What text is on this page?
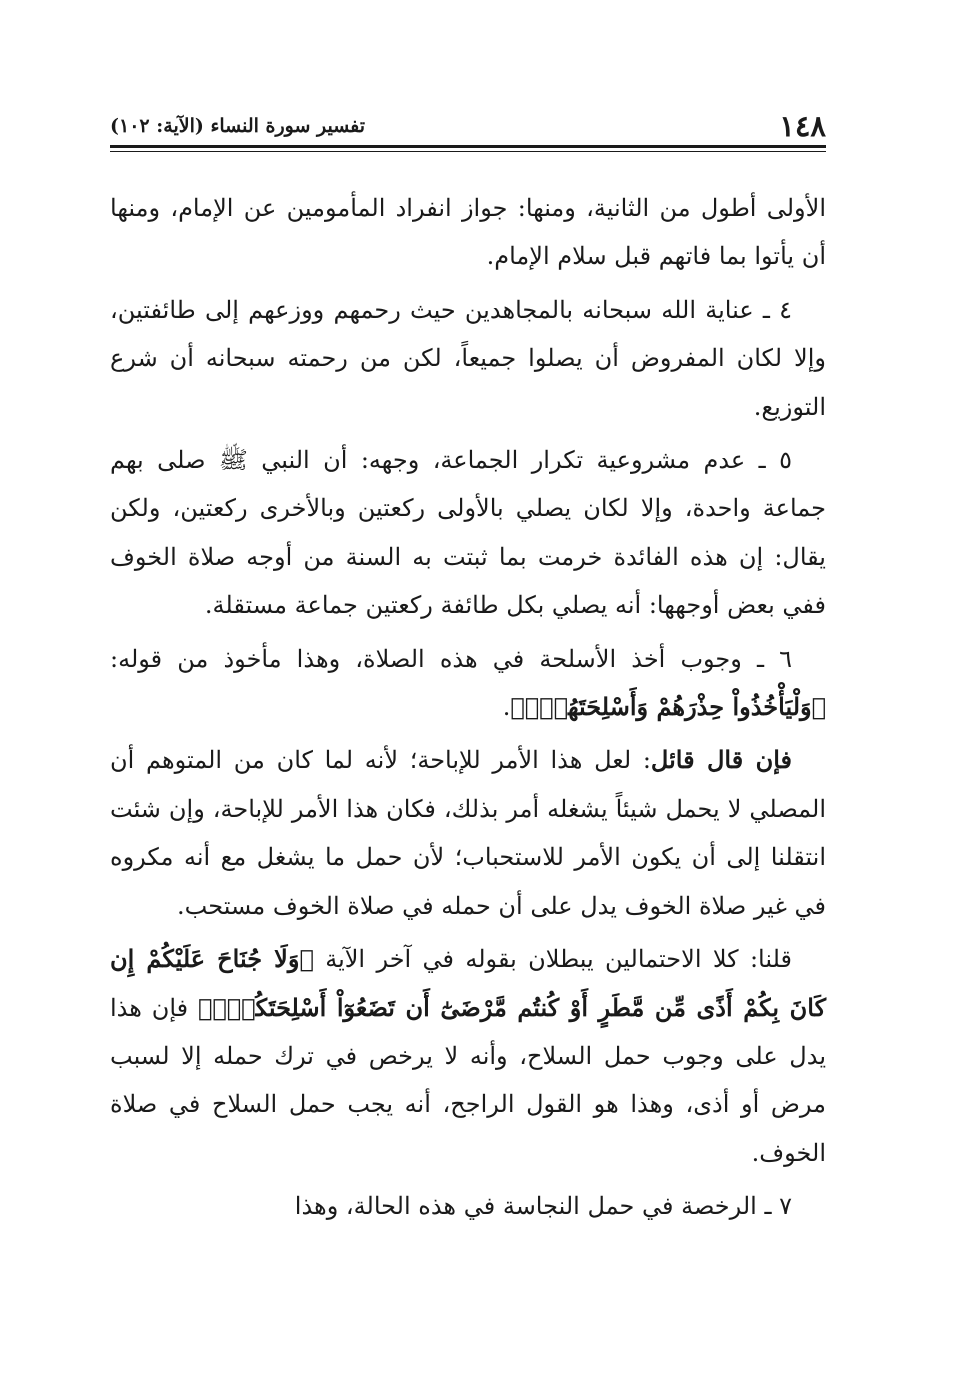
١٤٨
تفسير سورة النساء (الآية: ١٠٢)

الأولى أطول من الثانية، ومنها: جواز انفراد المأمومين عن الإمام، ومنها أن يأتوا بما فاتهم قبل سلام الإمام.

٤ ـ عناية الله سبحانه بالمجاهدين حيث رحمهم ووزعهم إلى طائفتين، وإلا لكان المفروض أن يصلوا جميعاً، لكن من رحمته سبحانه أن شرع التوزيع.

٥ ـ عدم مشروعية تكرار الجماعة، وجهه: أن النبي ﷺ صلى بهم جماعة واحدة، وإلا لكان يصلي بالأولى ركعتين وبالأخرى ركعتين، ولكن يقال: إن هذه الفائدة خرمت بما ثبتت به السنة من أوجه صلاة الخوف ففي بعض أوجهها: أنه يصلي بكل طائفة ركعتين جماعة مستقلة.

٦ ـ وجوب أخذ الأسلحة في هذه الصلاة، وهذا مأخوذ من قوله: ﴿وَلْيَأْخُذُواْ حِذْرَهُمْ وَأَسْلِحَتَهُمْۗ﴾.

فإن قال قائل: لعل هذا الأمر للإباحة؛ لأنه لما كان من المتوهم أن المصلي لا يحمل شيئاً يشغله أمر بذلك، فكان هذا الأمر للإباحة، وإن شئت انتقلنا إلى أن يكون الأمر للاستحباب؛ لأن حمل ما يشغل مع أنه مكروه في غير صلاة الخوف يدل على أن حمله في صلاة الخوف مستحب.

قلنا: كلا الاحتمالين يبطلان بقوله في آخر الآية ﴿وَلَا جُنَاحَ عَلَيْكُمْ إِن كَانَ بِكُمْ أَذًى مِّن مَّطَرٍ أَوْ كُنتُم مَّرْضَىٰٓ أَن تَضَعُوٓاْ أَسْلِحَتَكُمْۖ﴾ فإن هذا يدل على وجوب حمل السلاح، وأنه لا يرخص في ترك حمله إلا لسبب مرض أو أذى، وهذا هو القول الراجح، أنه يجب حمل السلاح في صلاة الخوف.

٧ ـ الرخصة في حمل النجاسة في هذه الحالة، وهذا
